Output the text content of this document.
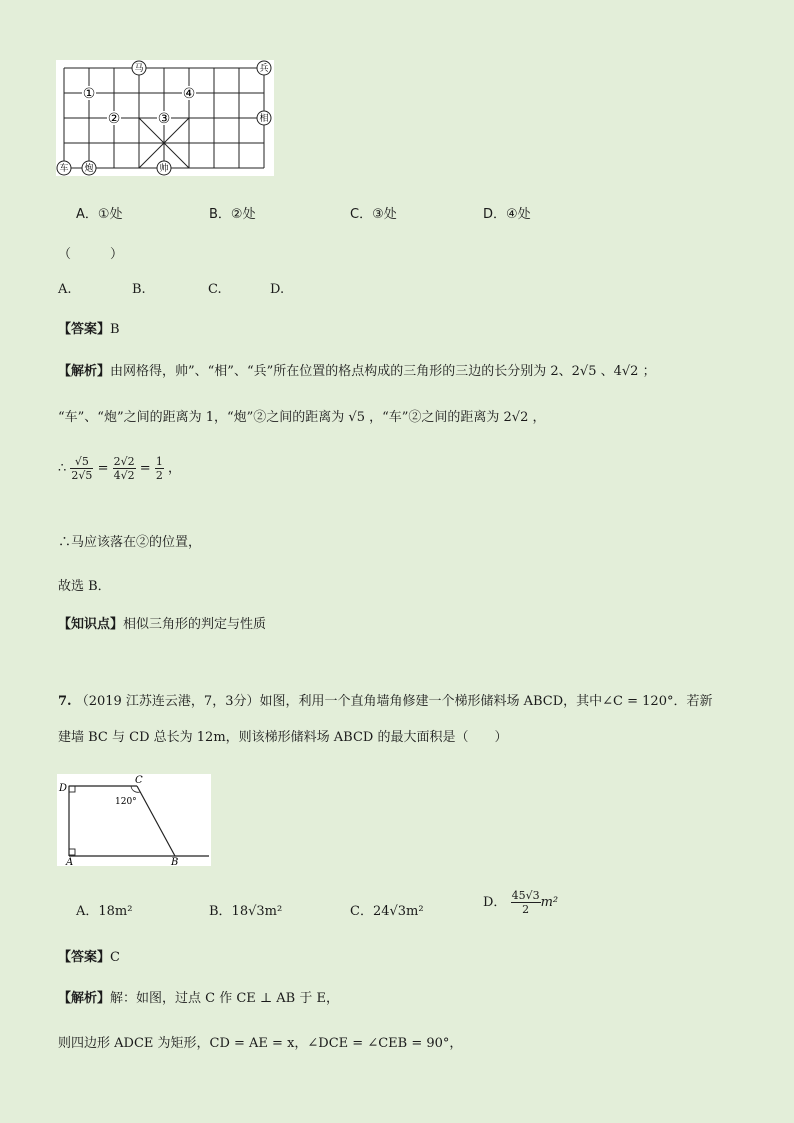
马	兵
相
车 炮	帅
①	④
②	③
A．①处	B．②处	C．③处	D．④处
（　　　）
A.	B.	C.	D.
【答案】B
【解析】由网格得，帅”、“相”、“兵”所在位置的格点构成的三角形的三边的长分别为 2、2√5 、4√2 ；
“车”、“炮”之间的距离为 1，“炮”②之间的距离为 √5 ，“车”②之间的距离为 2√2 ，
∴ $\frac{√5}{2√5} = \frac{2√2}{4√2} = \frac{1}{2}$ ，
∴马应该落在②的位置，
故选 B．
【知识点】相似三角形的判定与性质
7. （2019 江苏连云港，7，3分）如图，利用一个直角墙角修建一个梯形储料场 ABCD，其中∠C = 120°．若新
建墙 BC 与 CD 总长为 12m，则该梯形储料场 ABCD 的最大面积是（　　）
D
C
A	B
120°
A．18m²	B．18√3m²	C．24√3m²
D． $\frac{45√3}{2} m^2$
【答案】C
【解析】解：如图，过点 C 作 CE ⊥ AB 于 E，
则四边形 ADCE 为矩形，CD = AE = x，∠DCE = ∠CEB = 90°，
